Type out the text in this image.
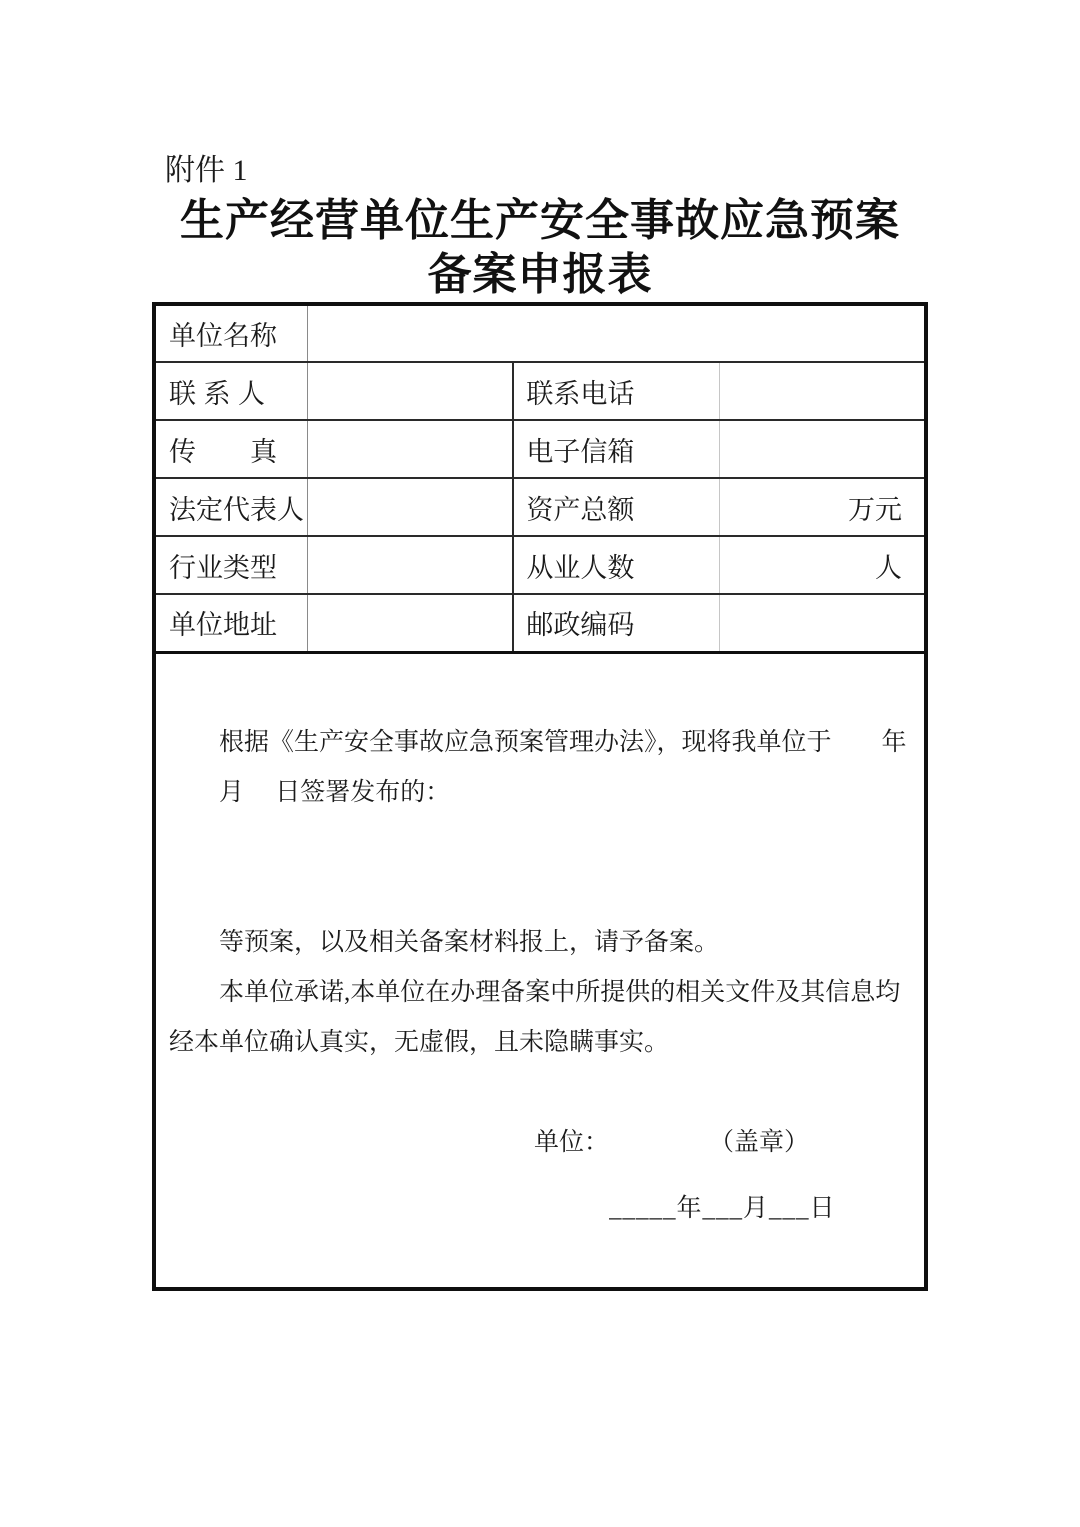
附件 1
生产经营单位生产安全事故应急预案
备案申报表
单位名称			
联 系 人		联系电话	
传　　真		电子信箱	
法定代表人		资产总额	万元
行业类型		从业人数	人
单位地址		邮政编码	

根据《生产安全事故应急预案管理办法》，现将我单位于　　年
月　 日签署发布的：
等预案，以及相关备案材料报上，请予备案。
本单位承诺,本单位在办理备案中所提供的相关文件及其信息均
经本单位确认真实，无虚假，且未隐瞒事实。
单位：　　　　　（盖章）
_____年___月___日
